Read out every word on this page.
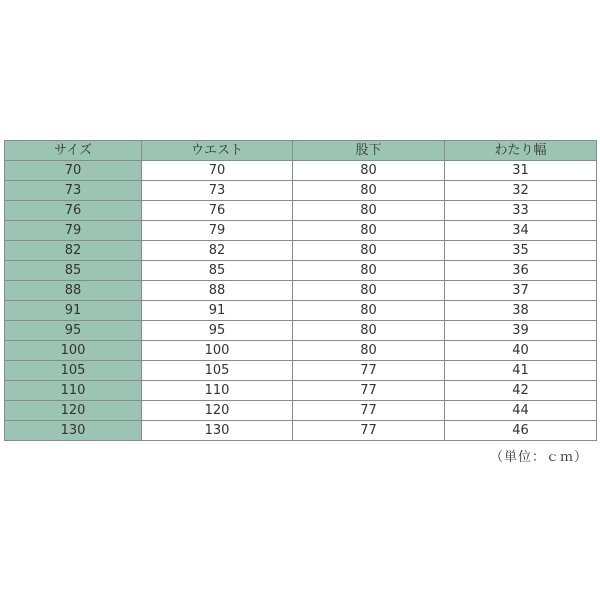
サイズ	ウエスト	股下	わたり幅
70	70	80	31
73	73	80	32
76	76	80	33
79	79	80	34
82	82	80	35
85	85	80	36
88	88	80	37
91	91	80	38
95	95	80	39
100	100	80	40
105	105	77	41
110	110	77	42
120	120	77	44
130	130	77	46
（単位：ｃｍ）
